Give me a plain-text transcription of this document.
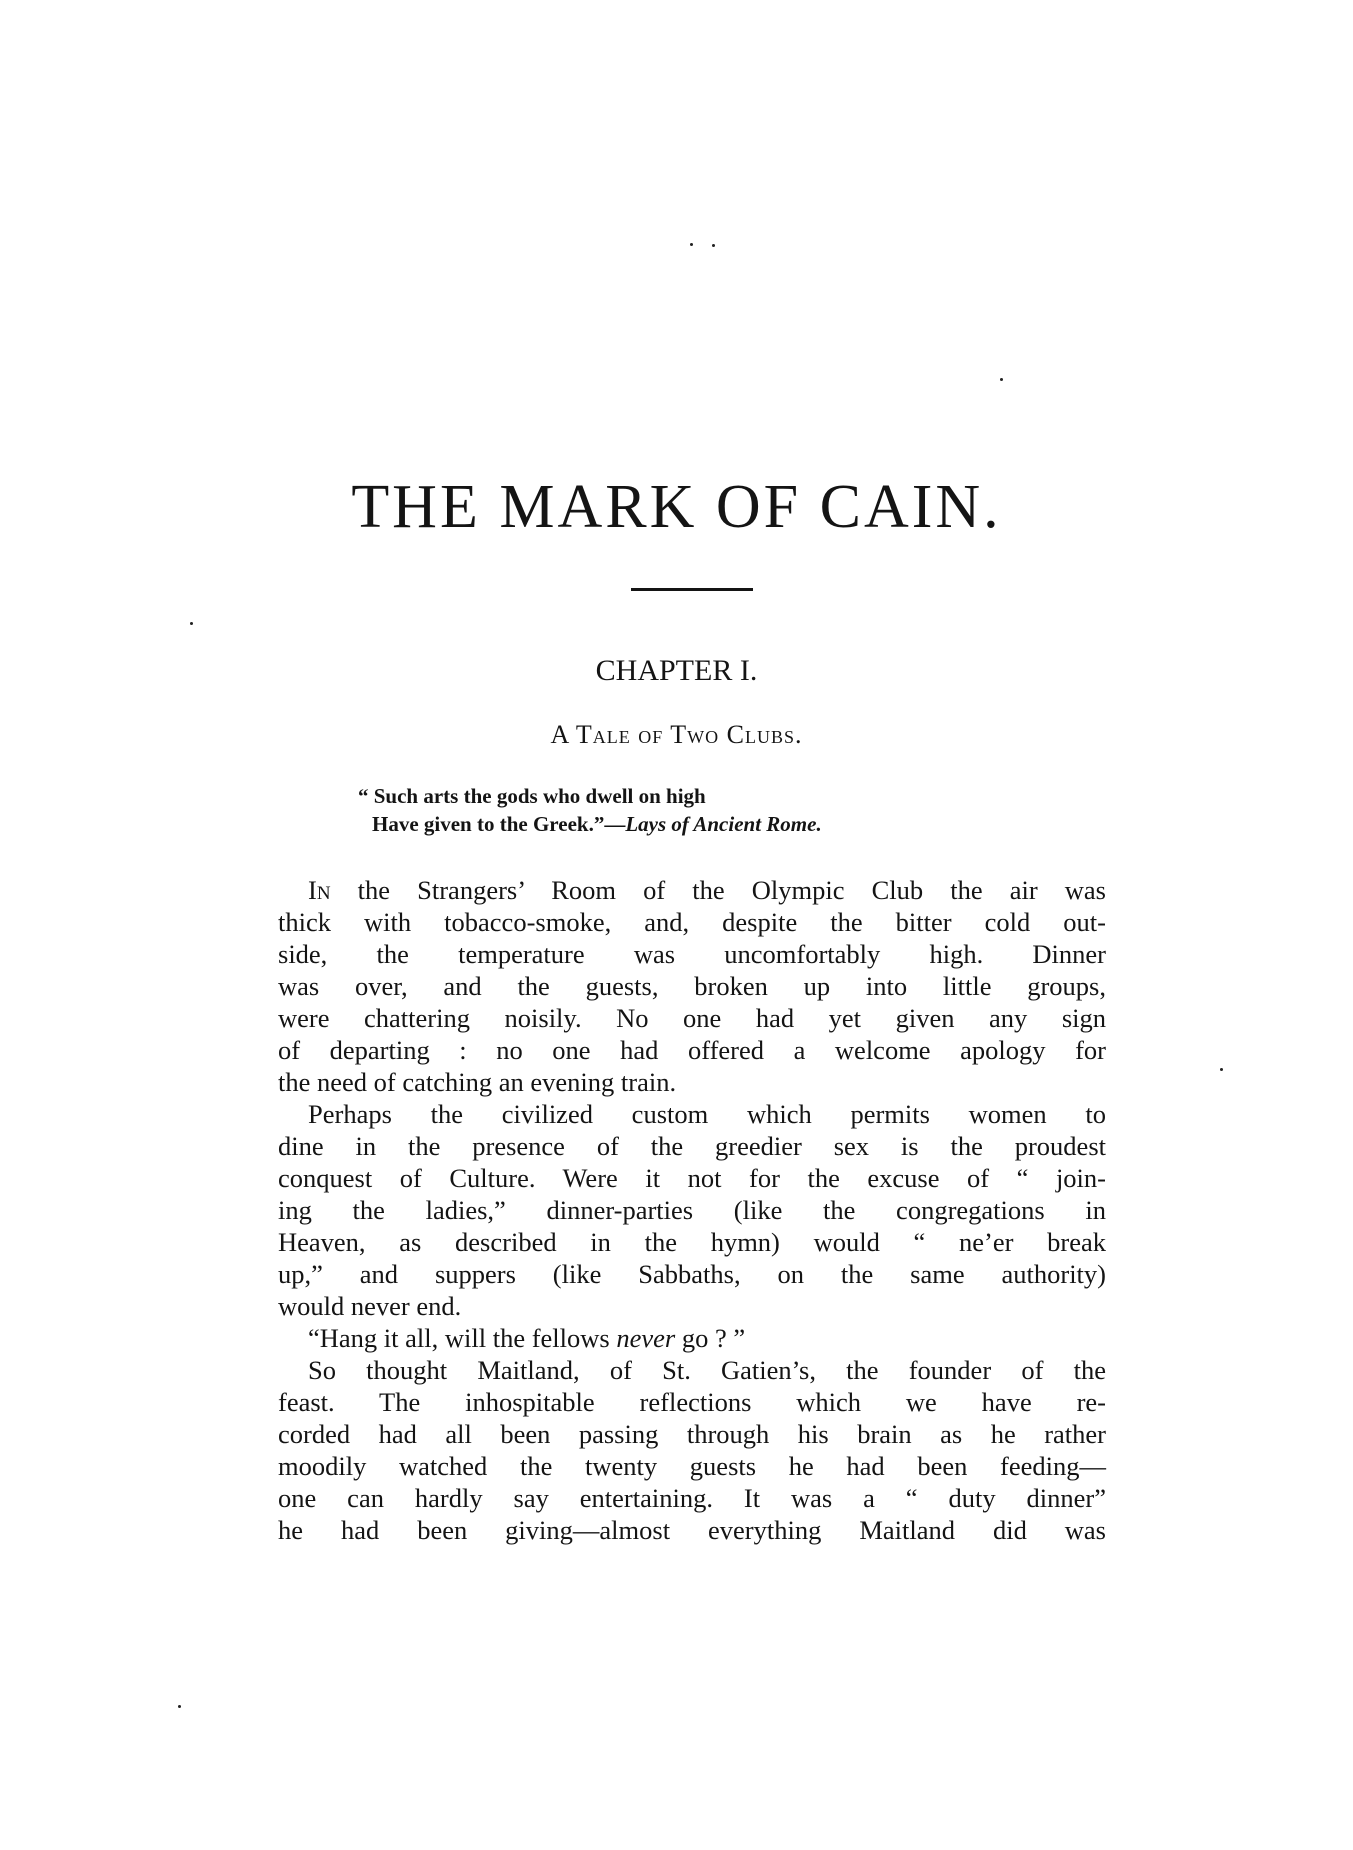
THE MARK OF CAIN.
CHAPTER I.
A Tale of Two Clubs.
“ Such arts the gods who dwell on high
Have given to the Greek.”—Lays of Ancient Rome.
In the Strangers’ Room of the Olympic Club the air was
thick with tobacco-smoke, and, despite the bitter cold out-
side, the temperature was uncomfortably high. Dinner
was over, and the guests, broken up into little groups,
were chattering noisily. No one had yet given any sign
of departing : no one had offered a welcome apology for
the need of catching an evening train.
Perhaps the civilized custom which permits women to
dine in the presence of the greedier sex is the proudest
conquest of Culture. Were it not for the excuse of “ join-
ing the ladies,” dinner-parties (like the congregations in
Heaven, as described in the hymn) would “ ne’er break
up,” and suppers (like Sabbaths, on the same authority)
would never end.
“Hang it all, will the fellows never go ? ”
So thought Maitland, of St. Gatien’s, the founder of the
feast. The inhospitable reflections which we have re-
corded had all been passing through his brain as he rather
moodily watched the twenty guests he had been feeding—
one can hardly say entertaining. It was a “ duty dinner”
he had been giving—almost everything Maitland did was
